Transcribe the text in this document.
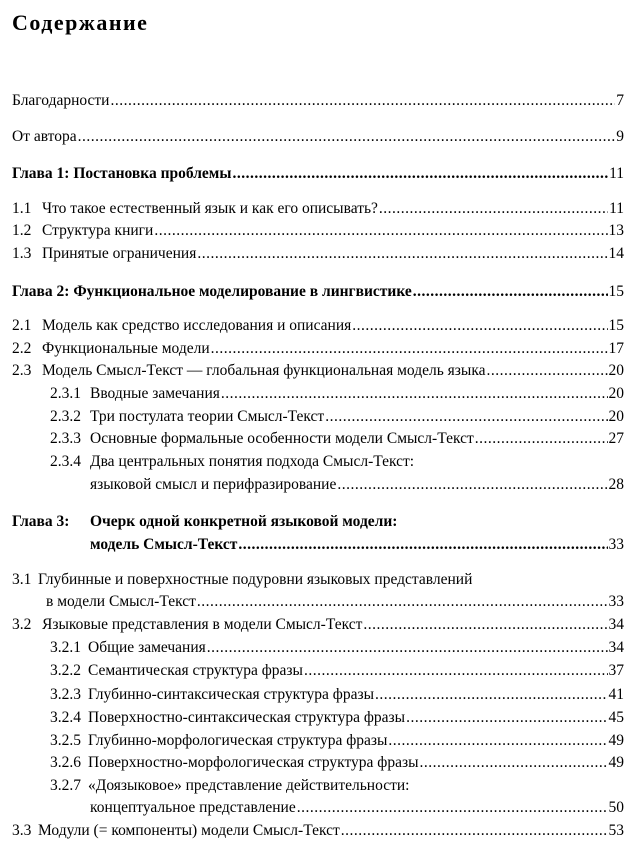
Содержание
Благодарности .....	7
От автора .....	9
Глава 1: Постановка проблемы .....	11
1.1 Что такое естественный язык и как его описывать? .....	11
1.2 Структура книги .....	13
1.3 Принятые ограничения .....	14
Глава 2: Функциональное моделирование в лингвистике .....	15
2.1 Модель как средство исследования и описания .....	15
2.2 Функциональные модели .....	17
2.3 Модель Смысл-Текст — глобальная функциональная модель языка .....	20
2.3.1 Вводные замечания .....	20
2.3.2 Три постулата теории Смысл-Текст .....	20
2.3.3 Основные формальные особенности модели Смысл-Текст .....	27
2.3.4 Два центральных понятия подхода Смысл-Текст:
языковой смысл и перифразирование .....	28
Глава 3: Очерк одной конкретной языковой модели:
модель Смысл-Текст .....	33
3.1 Глубинные и поверхностные подуровни языковых представлений
в модели Смысл-Текст .....	33
3.2 Языковые представления в модели Смысл-Текст .....	34
3.2.1 Общие замечания .....	34
3.2.2 Семантическая структура фразы .....	37
3.2.3 Глубинно-синтаксическая структура фразы .....	41
3.2.4 Поверхностно-синтаксическая структура фразы .....	45
3.2.5 Глубинно-морфологическая структура фразы .....	49
3.2.6 Поверхностно-морфологическая структура фразы .....	49
3.2.7 «Доязыковое» представление действительности:
концептуальное представление .....	50
3.3 Модули (= компоненты) модели Смысл-Текст .....	53
